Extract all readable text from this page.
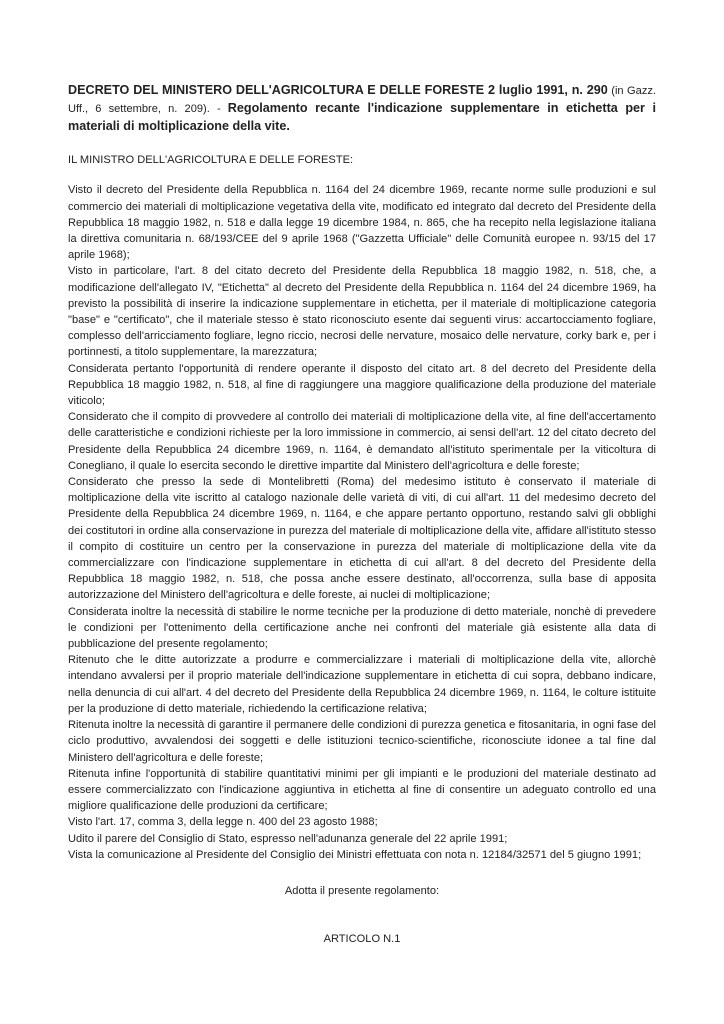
DECRETO DEL MINISTERO DELL'AGRICOLTURA E DELLE FORESTE 2 luglio 1991, n. 290 (in Gazz. Uff., 6 settembre, n. 209). - Regolamento recante l'indicazione supplementare in etichetta per i materiali di moltiplicazione della vite.

IL MINISTRO DELL'AGRICOLTURA E DELLE FORESTE:

Visto il decreto del Presidente della Repubblica n. 1164 del 24 dicembre 1969, recante norme sulle produzioni e sul commercio dei materiali di moltiplicazione vegetativa della vite, modificato ed integrato dal decreto del Presidente della Repubblica 18 maggio 1982, n. 518 e dalla legge 19 dicembre 1984, n. 865, che ha recepito nella legislazione italiana la direttiva comunitaria n. 68/193/CEE del 9 aprile 1968 ("Gazzetta Ufficiale" delle Comunità europee n. 93/15 del 17 aprile 1968);

Visto in particolare, l'art. 8 del citato decreto del Presidente della Repubblica 18 maggio 1982, n. 518, che, a modificazione dell'allegato IV, "Etichetta" al decreto del Presidente della Repubblica n. 1164 del 24 dicembre 1969, ha previsto la possibilità di inserire la indicazione supplementare in etichetta, per il materiale di moltiplicazione categoria "base" e "certificato", che il materiale stesso è stato riconosciuto esente dai seguenti virus: accartocciamento fogliare, complesso dell'arricciamento fogliare, legno riccio, necrosi delle nervature, mosaico delle nervature, corky bark e, per i portinnesti, a titolo supplementare, la marezzatura;

Considerata pertanto l'opportunità di rendere operante il disposto del citato art. 8 del decreto del Presidente della Repubblica 18 maggio 1982, n. 518, al fine di raggiungere una maggiore qualificazione della produzione del materiale viticolo;

Considerato che il compito di provvedere al controllo dei materiali di moltiplicazione della vite, al fine dell'accertamento delle caratteristiche e condizioni richieste per la loro immissione in commercio, ai sensi dell'art. 12 del citato decreto del Presidente della Repubblica 24 dicembre 1969, n. 1164, è demandato all'istituto sperimentale per la viticoltura di Conegliano, il quale lo esercita secondo le direttive impartite dal Ministero dell'agricoltura e delle foreste;

Considerato che presso la sede di Montelibretti (Roma) del medesimo istituto è conservato il materiale di moltiplicazione della vite iscritto al catalogo nazionale delle varietà di viti, di cui all'art. 11 del medesimo decreto del Presidente della Repubblica 24 dicembre 1969, n. 1164, e che appare pertanto opportuno, restando salvi gli obblighi dei costitutori in ordine alla conservazione in purezza del materiale di moltiplicazione della vite, affidare all'istituto stesso il compito di costituire un centro per la conservazione in purezza del materiale di moltiplicazione della vite da commercializzare con l'indicazione supplementare in etichetta di cui all'art. 8 del decreto del Presidente della Repubblica 18 maggio 1982, n. 518, che possa anche essere destinato, all'occorrenza, sulla base di apposita autorizzazione del Ministero dell'agricoltura e delle foreste, ai nuclei di moltiplicazione;

Considerata inoltre la necessità di stabilire le norme tecniche per la produzione di detto materiale, nonchè di prevedere le condizioni per l'ottenimento della certificazione anche nei confronti del materiale già esistente alla data di pubblicazione del presente regolamento;

Ritenuto che le ditte autorizzate a produrre e commercializzare i materiali di moltiplicazione della vite, allorchè intendano avvalersi per il proprio materiale dell'indicazione supplementare in etichetta di cui sopra, debbano indicare, nella denuncia di cui all'art. 4 del decreto del Presidente della Repubblica 24 dicembre 1969, n. 1164, le colture istituite per la produzione di detto materiale, richiedendo la certificazione relativa;

Ritenuta inoltre la necessità di garantire il permanere delle condizioni di purezza genetica e fitosanitaria, in ogni fase del ciclo produttivo, avvalendosi dei soggetti e delle istituzioni tecnico-scientifiche, riconosciute idonee a tal fine dal Ministero dell'agricoltura e delle foreste;

Ritenuta infine l'opportunità di stabilire quantitativi minimi per gli impianti e le produzioni del materiale destinato ad essere commercializzato con l'indicazione aggiuntiva in etichetta al fine di consentire un adeguato controllo ed una migliore qualificazione delle produzioni da certificare;

Visto l'art. 17, comma 3, della legge n. 400 del 23 agosto 1988;

Udito il parere del Consiglio di Stato, espresso nell'adunanza generale del 22 aprile 1991;

Vista la comunicazione al Presidente del Consiglio dei Ministri effettuata con nota n. 12184/32571 del 5 giugno 1991;

Adotta il presente regolamento:

ARTICOLO N.1
